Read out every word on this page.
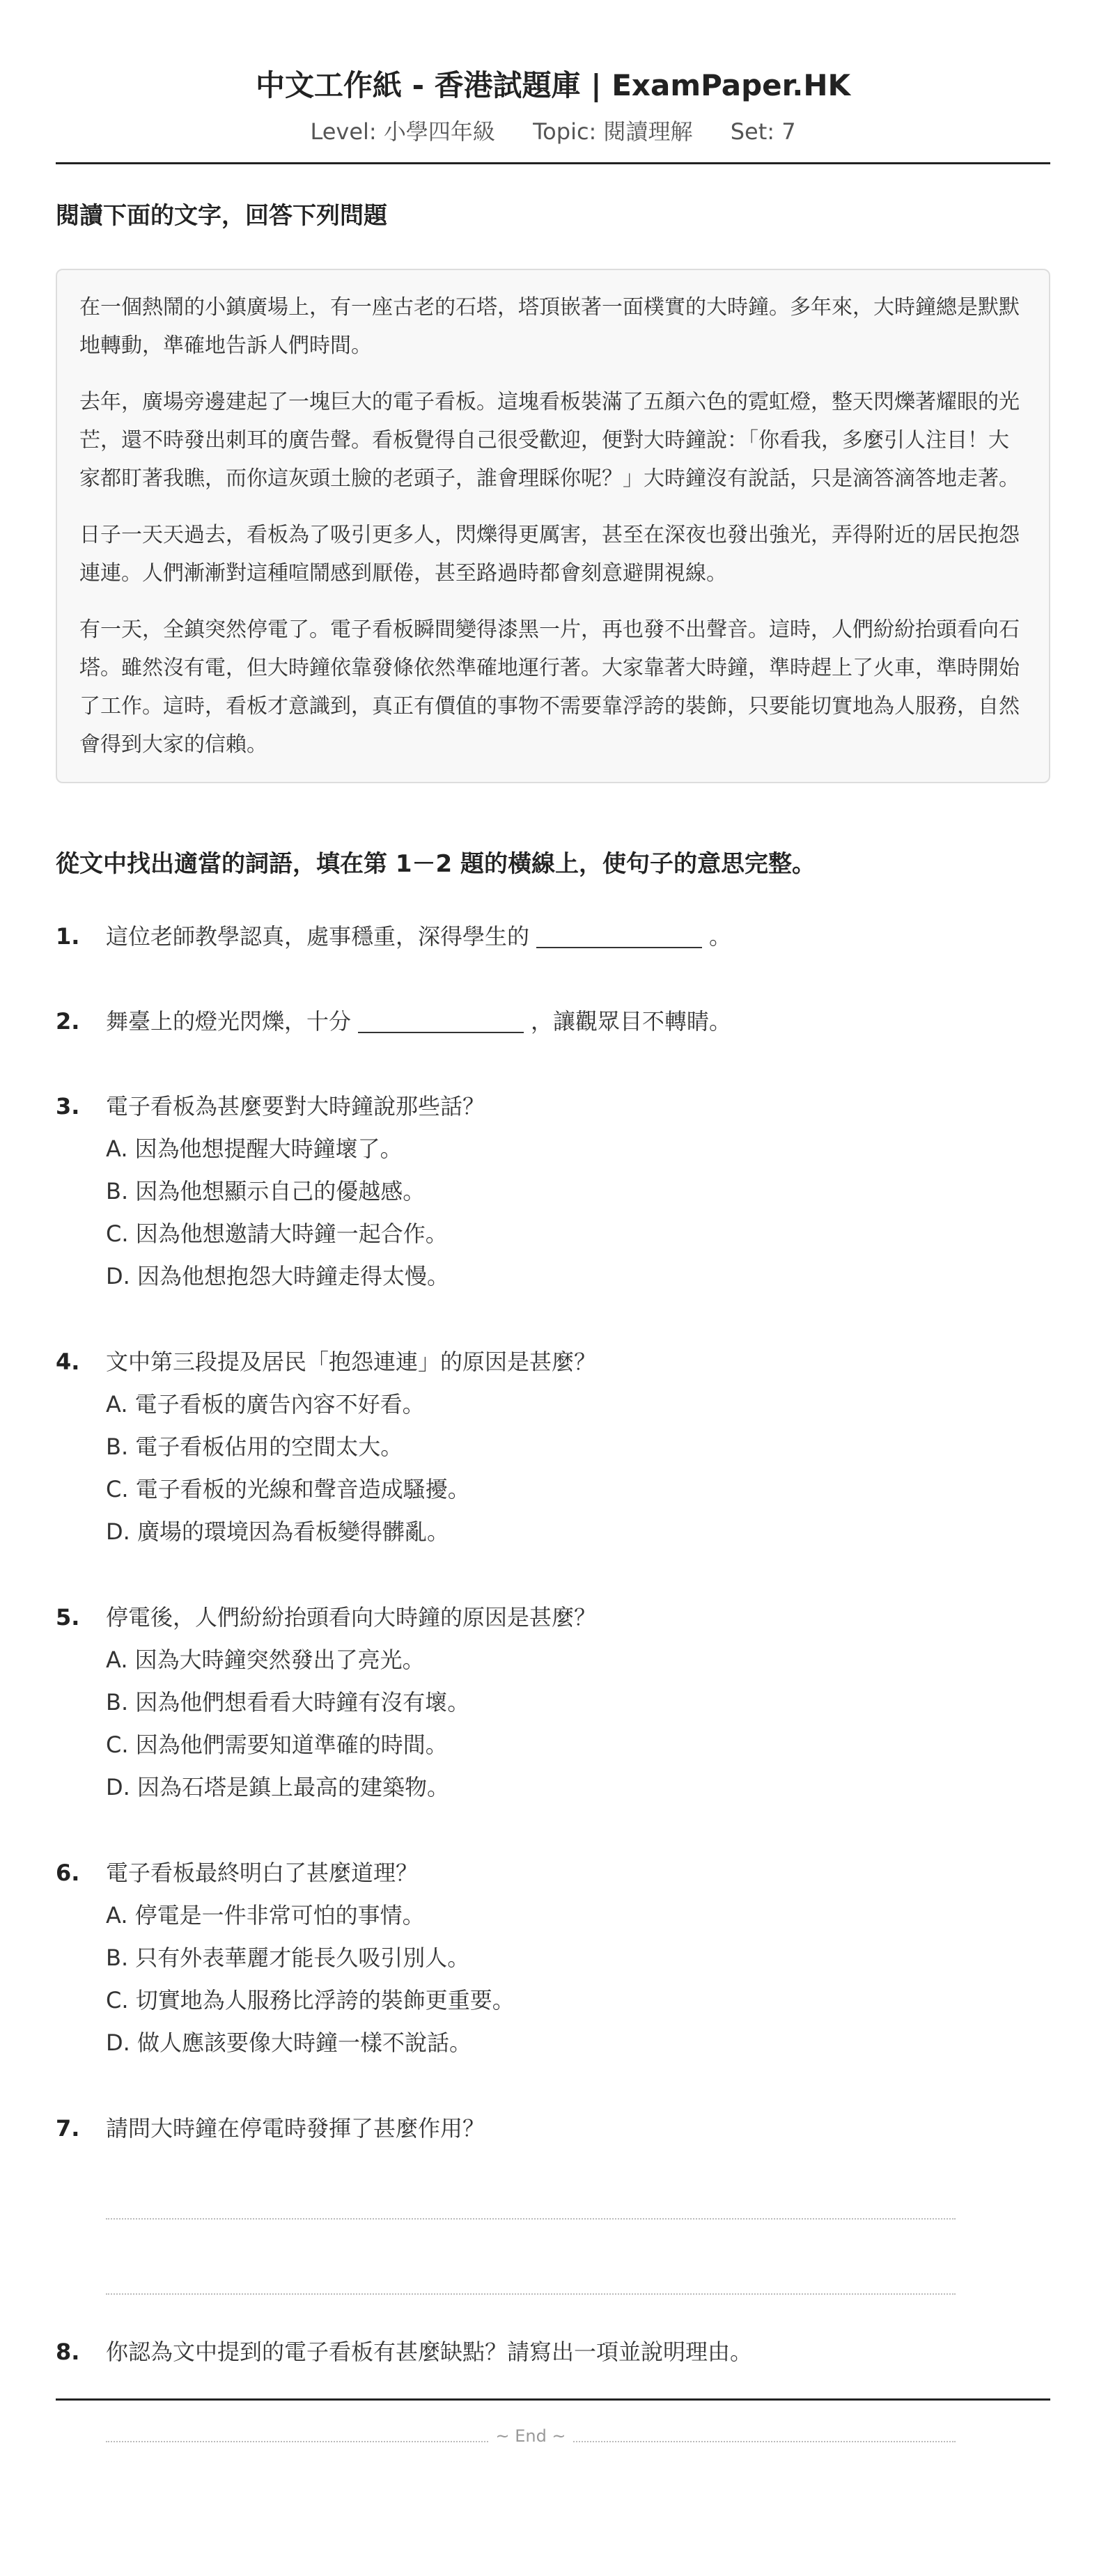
中文工作紙 - 香港試題庫 | ExamPaper.HK
Level: 小學四年級 Topic: 閱讀理解 Set: 7
閱讀下面的文字，回答下列問題

在一個熱鬧的小鎮廣場上，有一座古老的石塔，塔頂嵌著一面樸實的大時鐘。多年來，大時鐘總是默默地轉動，準確地告訴人們時間。

去年，廣場旁邊建起了一塊巨大的電子看板。這塊看板裝滿了五顏六色的霓虹燈，整天閃爍著耀眼的光芒，還不時發出刺耳的廣告聲。看板覺得自己很受歡迎，便對大時鐘說：「你看我，多麼引人注目！大家都盯著我瞧，而你這灰頭土臉的老頭子，誰會理睬你呢？」大時鐘沒有說話，只是滴答滴答地走著。

日子一天天過去，看板為了吸引更多人，閃爍得更厲害，甚至在深夜也發出強光，弄得附近的居民抱怨連連。人們漸漸對這種喧鬧感到厭倦，甚至路過時都會刻意避開視線。

有一天，全鎮突然停電了。電子看板瞬間變得漆黑一片，再也發不出聲音。這時，人們紛紛抬頭看向石塔。雖然沒有電，但大時鐘依靠發條依然準確地運行著。大家靠著大時鐘，準時趕上了火車，準時開始了工作。這時，看板才意識到，真正有價值的事物不需要靠浮誇的裝飾，只要能切實地為人服務，自然會得到大家的信賴。

從文中找出適當的詞語，填在第 1－2 題的橫線上，使句子的意思完整。
1.	這位老師教學認真，處事穩重，深得學生的	。
2.	舞臺上的燈光閃爍，十分	，讓觀眾目不轉睛。
3.	電子看板為甚麼要對大時鐘說那些話？
A. 因為他想提醒大時鐘壞了。
B. 因為他想顯示自己的優越感。
C. 因為他想邀請大時鐘一起合作。
D. 因為他想抱怨大時鐘走得太慢。
4.	文中第三段提及居民「抱怨連連」的原因是甚麼？
A. 電子看板的廣告內容不好看。
B. 電子看板佔用的空間太大。
C. 電子看板的光線和聲音造成騷擾。
D. 廣場的環境因為看板變得髒亂。
5.	停電後，人們紛紛抬頭看向大時鐘的原因是甚麼？
A. 因為大時鐘突然發出了亮光。
B. 因為他們想看看大時鐘有沒有壞。
C. 因為他們需要知道準確的時間。
D. 因為石塔是鎮上最高的建築物。
6.	電子看板最終明白了甚麼道理？
A. 停電是一件非常可怕的事情。
B. 只有外表華麗才能長久吸引別人。
C. 切實地為人服務比浮誇的裝飾更重要。
D. 做人應該要像大時鐘一樣不說話。
7.	請問大時鐘在停電時發揮了甚麼作用？
8.	你認為文中提到的電子看板有甚麼缺點？請寫出一項並說明理由。
~ End ~
